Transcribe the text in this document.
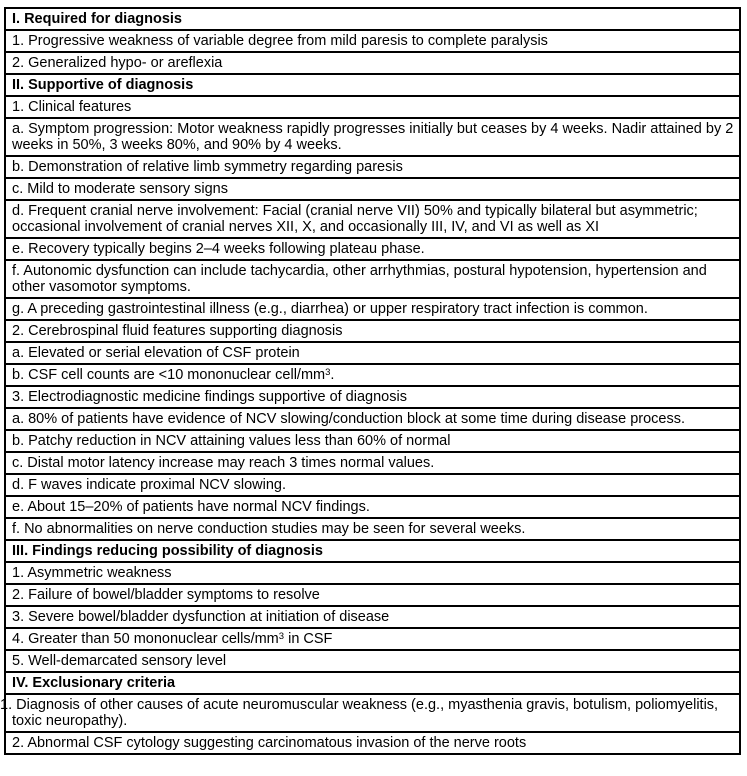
I. Required for diagnosis
1. Progressive weakness of variable degree from mild paresis to complete paralysis
2. Generalized hypo- or areflexia
II. Supportive of diagnosis
1. Clinical features
a. Symptom progression: Motor weakness rapidly progresses initially but ceases by 4 weeks. Nadir attained by 2 weeks in 50%, 3 weeks 80%, and 90% by 4 weeks.
b. Demonstration of relative limb symmetry regarding paresis
c. Mild to moderate sensory signs
d. Frequent cranial nerve involvement: Facial (cranial nerve VII) 50% and typically bilateral but asymmetric; occasional involvement of cranial nerves XII, X, and occasionally III, IV, and VI as well as XI
e. Recovery typically begins 2–4 weeks following plateau phase.
f. Autonomic dysfunction can include tachycardia, other arrhythmias, postural hypotension, hypertension and other vasomotor symptoms.
g. A preceding gastrointestinal illness (e.g., diarrhea) or upper respiratory tract infection is common.
2. Cerebrospinal fluid features supporting diagnosis
a. Elevated or serial elevation of CSF protein
b. CSF cell counts are <10 mononuclear cell/$mm^3$.
3. Electrodiagnostic medicine findings supportive of diagnosis
a. 80% of patients have evidence of NCV slowing/conduction block at some time during disease process.
b. Patchy reduction in NCV attaining values less than 60% of normal
c. Distal motor latency increase may reach 3 times normal values.
d. F waves indicate proximal NCV slowing.
e. About 15–20% of patients have normal NCV findings.
f. No abnormalities on nerve conduction studies may be seen for several weeks.
III. Findings reducing possibility of diagnosis
1. Asymmetric weakness
2. Failure of bowel/bladder symptoms to resolve
3. Severe bowel/bladder dysfunction at initiation of disease
4. Greater than 50 mononuclear cells/$mm^3$ in CSF
5. Well-demarcated sensory level
IV. Exclusionary criteria
1. Diagnosis of other causes of acute neuromuscular weakness (e.g., myasthenia gravis, botulism, poliomyelitis, toxic neuropathy).
2. Abnormal CSF cytology suggesting carcinomatous invasion of the nerve roots
